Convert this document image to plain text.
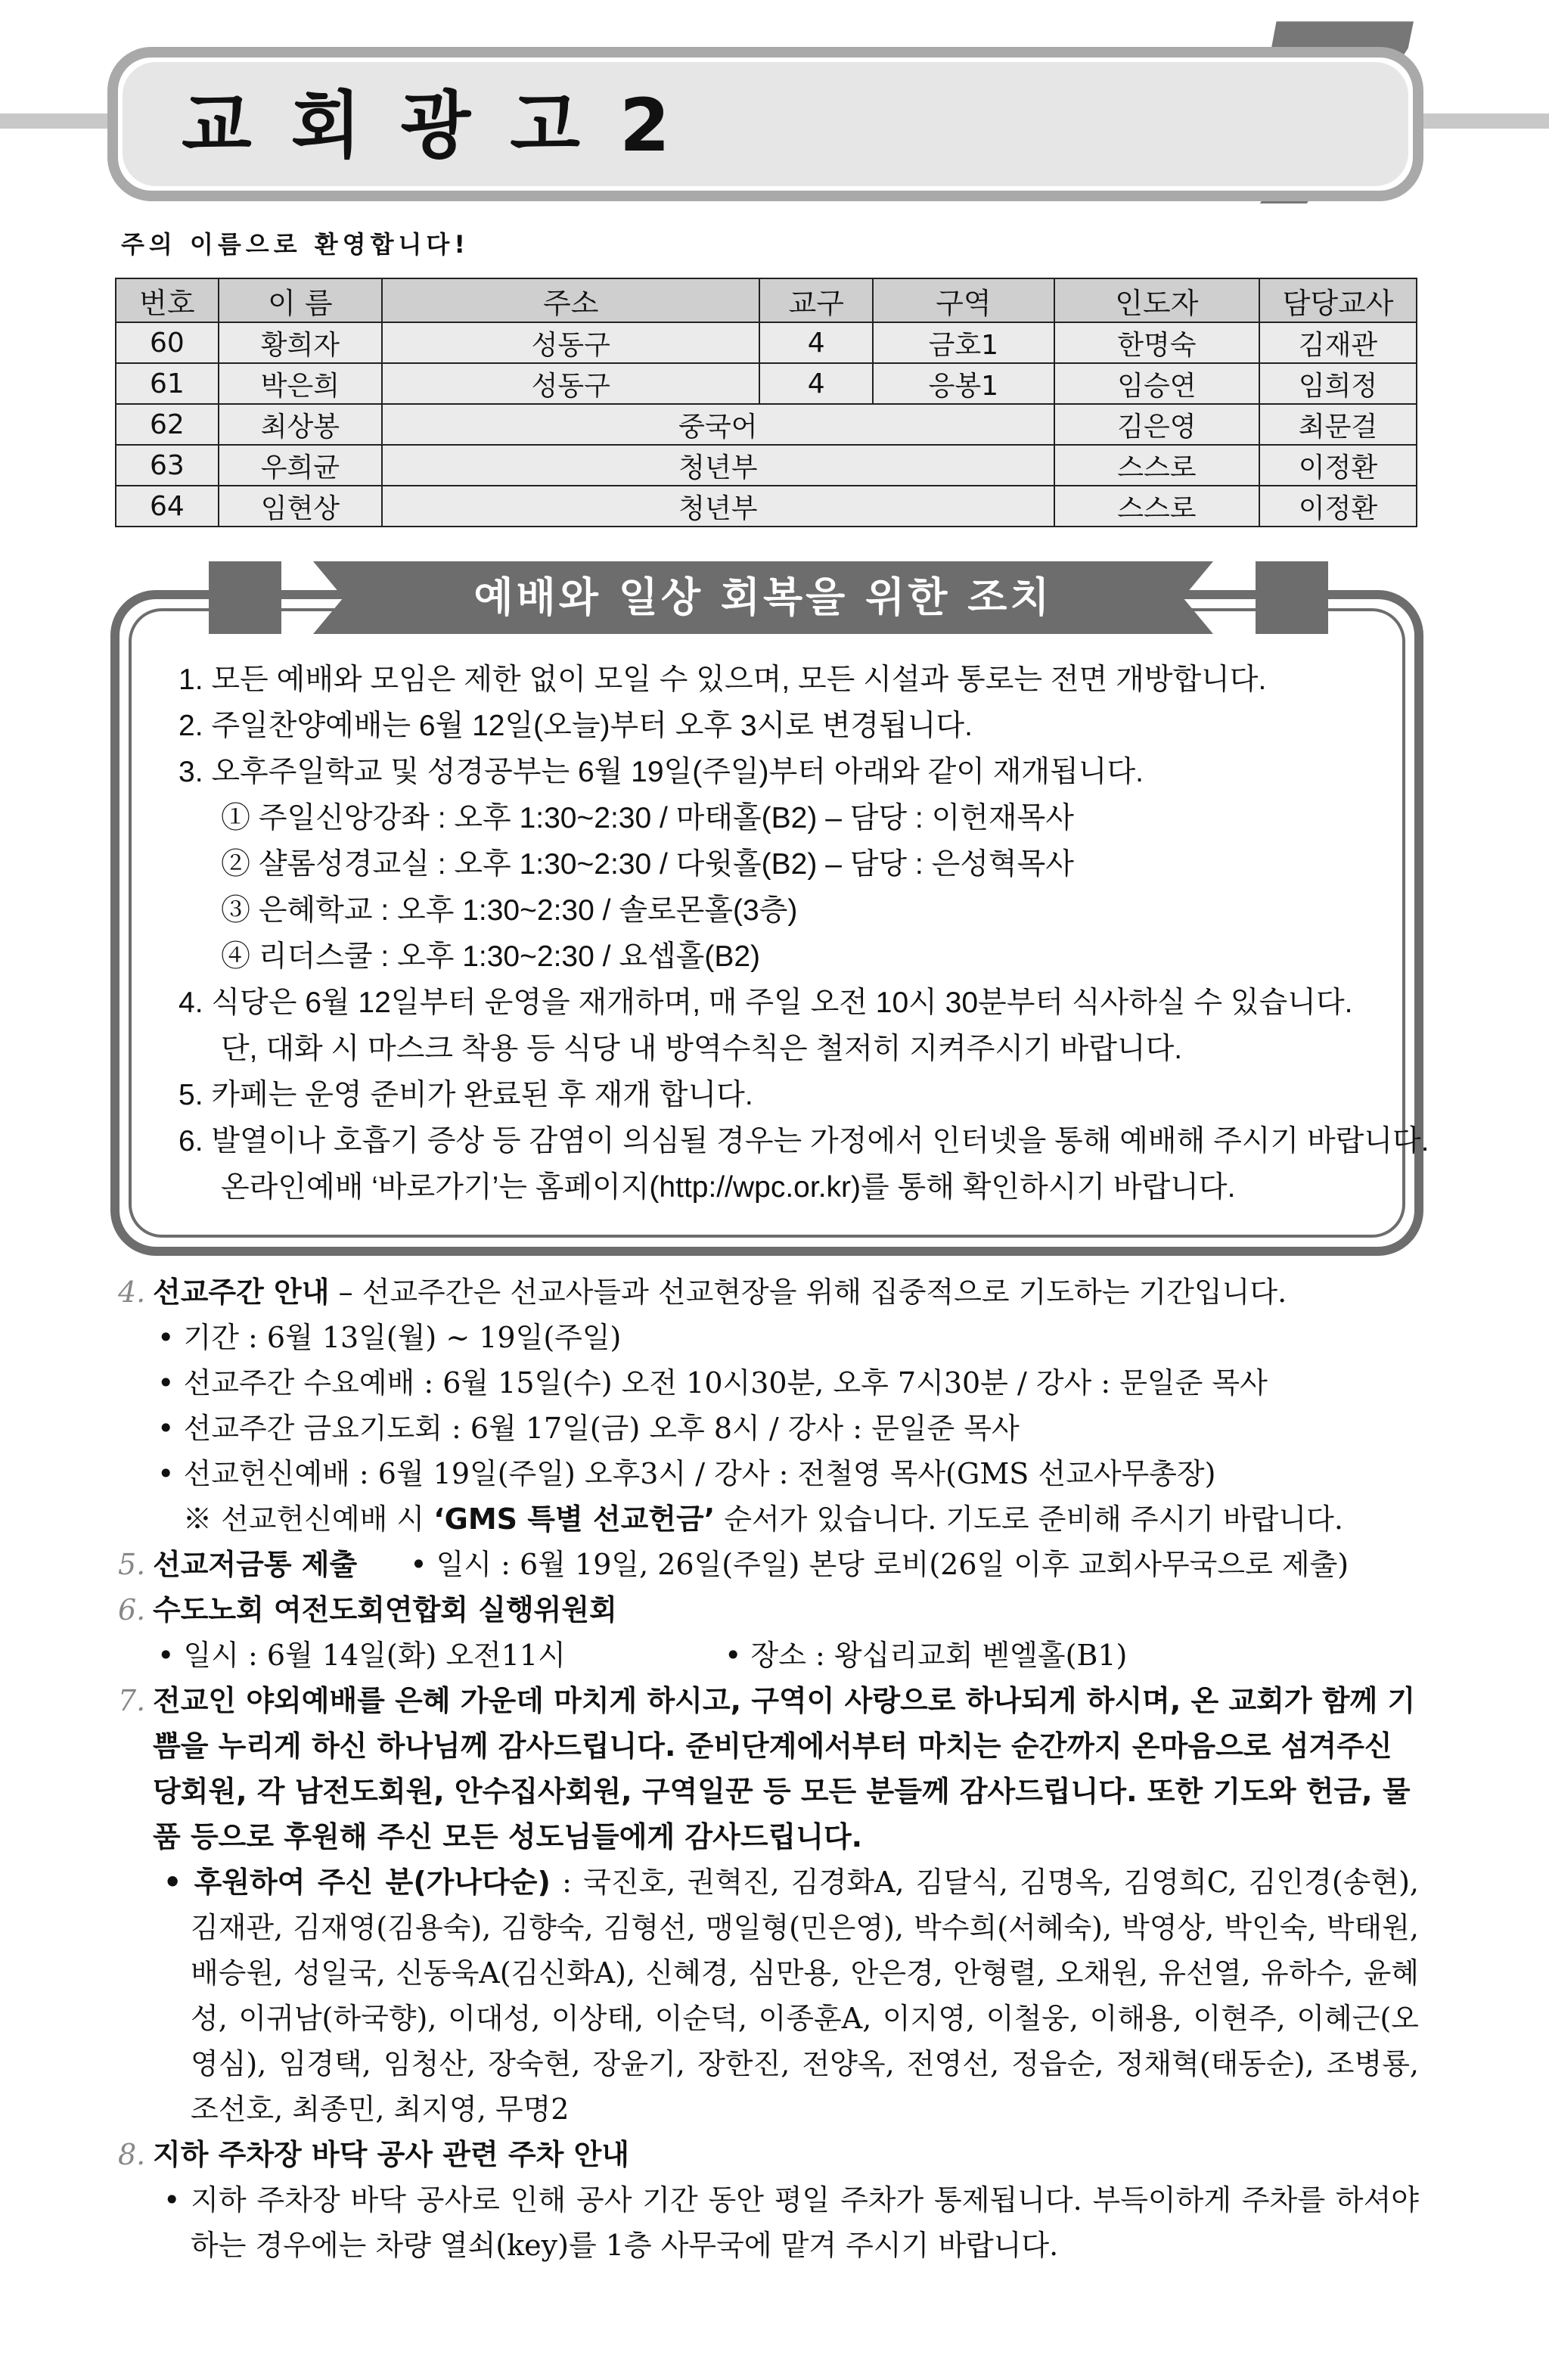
교회광고2
주의 이름으로 환영합니다!
번호	이 름	주소	교구	구역	인도자	담당교사
60	황희자	성동구	4	금호1	한명숙	김재관
61	박은희	성동구	4	응봉1	임승연	임희정
62	최상봉	중국어			김은영	최문걸
63	우희균	청년부			스스로	이정환
64	임현상	청년부			스스로	이정환
예배와 일상 회복을 위한 조치
1. 모든 예배와 모임은 제한 없이 모일 수 있으며, 모든 시설과 통로는 전면 개방합니다.
2. 주일찬양예배는 6월 12일(오늘)부터 오후 3시로 변경됩니다.
3. 오후주일학교 및 성경공부는 6월 19일(주일)부터 아래와 같이 재개됩니다.
① 주일신앙강좌 : 오후 1:30~2:30 / 마태홀(B2) – 담당 : 이헌재목사
② 샬롬성경교실 : 오후 1:30~2:30 / 다윗홀(B2) – 담당 : 은성혁목사
③ 은혜학교 : 오후 1:30~2:30 / 솔로몬홀(3층)
④ 리더스쿨 : 오후 1:30~2:30 / 요셉홀(B2)
4. 식당은 6월 12일부터 운영을 재개하며, 매 주일 오전 10시 30분부터 식사하실 수 있습니다.
단, 대화 시 마스크 착용 등 식당 내 방역수칙은 철저히 지켜주시기 바랍니다.
5. 카페는 운영 준비가 완료된 후 재개 합니다.
6. 발열이나 호흡기 증상 등 감염이 의심될 경우는 가정에서 인터넷을 통해 예배해 주시기 바랍니다.
온라인예배 ‘바로가기’는 홈페이지(http://wpc.or.kr)를 통해 확인하시기 바랍니다.
4. 선교주간 안내 – 선교주간은 선교사들과 선교현장을 위해 집중적으로 기도하는 기간입니다.
• 기간 : 6월 13일(월) ~ 19일(주일)
• 선교주간 수요예배 : 6월 15일(수) 오전 10시30분, 오후 7시30분 / 강사 : 문일준 목사
• 선교주간 금요기도회 : 6월 17일(금) 오후 8시 / 강사 : 문일준 목사
• 선교헌신예배 : 6월 19일(주일) 오후3시 / 강사 : 전철영 목사(GMS 선교사무총장)
※ 선교헌신예배 시 ‘GMS 특별 선교헌금’ 순서가 있습니다. 기도로 준비해 주시기 바랍니다.
5. 선교저금통 제출 • 일시 : 6월 19일, 26일(주일) 본당 로비(26일 이후 교회사무국으로 제출)
6. 수도노회 여전도회연합회 실행위원회
• 일시 : 6월 14일(화) 오전11시	• 장소 : 왕십리교회 벧엘홀(B1)
7. 전교인 야외예배를 은혜 가운데 마치게 하시고, 구역이 사랑으로 하나되게 하시며, 온 교회가 함께 기쁨을 누리게 하신 하나님께 감사드립니다. 준비단계에서부터 마치는 순간까지 온마음으로 섬겨주신 당회원, 각 남전도회원, 안수집사회원, 구역일꾼 등 모든 분들께 감사드립니다. 또한 기도와 헌금, 물품 등으로 후원해 주신 모든 성도님들에게 감사드립니다.
• 후원하여 주신 분(가나다순) : 국진호, 권혁진, 김경화A, 김달식, 김명옥, 김영희C, 김인경(송현), 김재관, 김재영(김용숙), 김향숙, 김형선, 맹일형(민은영), 박수희(서혜숙), 박영상, 박인숙, 박태원, 배승원, 성일국, 신동욱A(김신화A), 신혜경, 심만용, 안은경, 안형렬, 오채원, 유선열, 유하수, 윤혜성, 이귀남(하국향), 이대성, 이상태, 이순덕, 이종훈A, 이지영, 이철웅, 이해용, 이현주, 이혜근(오영심), 임경택, 임청산, 장숙현, 장윤기, 장한진, 전양옥, 전영선, 정읍순, 정채혁(태동순), 조병룡, 조선호, 최종민, 최지영, 무명2
8. 지하 주차장 바닥 공사 관련 주차 안내
• 지하 주차장 바닥 공사로 인해 공사 기간 동안 평일 주차가 통제됩니다. 부득이하게 주차를 하셔야 하는 경우에는 차량 열쇠(key)를 1층 사무국에 맡겨 주시기 바랍니다.
